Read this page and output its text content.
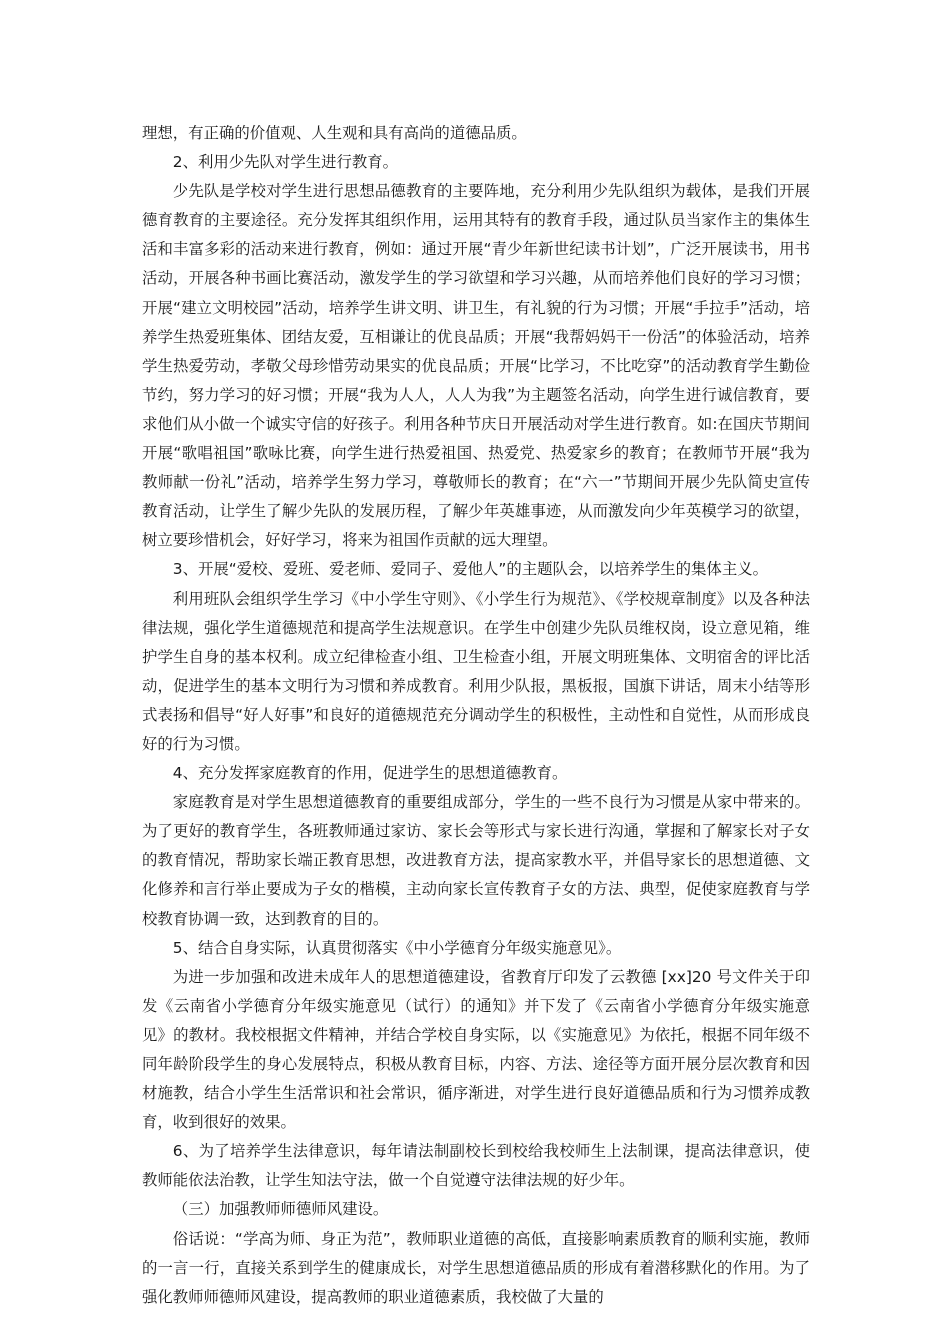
理想，有正确的价值观、人生观和具有高尚的道德品质。

2、利用少先队对学生进行教育。

少先队是学校对学生进行思想品德教育的主要阵地，充分利用少先队组织为载体，是我们开展德育教育的主要途径。充分发挥其组织作用，运用其特有的教育手段，通过队员当家作主的集体生活和丰富多彩的活动来进行教育，例如：通过开展“青少年新世纪读书计划”，广泛开展读书，用书活动，开展各种书画比赛活动，激发学生的学习欲望和学习兴趣，从而培养他们良好的学习习惯；开展“建立文明校园”活动，培养学生讲文明、讲卫生，有礼貌的行为习惯；开展“手拉手”活动，培养学生热爱班集体、团结友爱，互相谦让的优良品质；开展“我帮妈妈干一份活”的体验活动，培养学生热爱劳动，孝敬父母珍惜劳动果实的优良品质；开展“比学习，不比吃穿”的活动教育学生勤俭节约，努力学习的好习惯；开展“我为人人，人人为我”为主题签名活动，向学生进行诚信教育，要求他们从小做一个诚实守信的好孩子。利用各种节庆日开展活动对学生进行教育。如:在国庆节期间开展“歌唱祖国”歌咏比赛，向学生进行热爱祖国、热爱党、热爱家乡的教育；在教师节开展“我为教师献一份礼”活动，培养学生努力学习，尊敬师长的教育；在“六一”节期间开展少先队简史宣传教育活动，让学生了解少先队的发展历程，了解少年英雄事迹，从而激发向少年英模学习的欲望，树立要珍惜机会，好好学习，将来为祖国作贡献的远大理望。

3、开展“爱校、爱班、爱老师、爱同子、爱他人”的主题队会，以培养学生的集体主义。

利用班队会组织学生学习《中小学生守则》、《小学生行为规范》、《学校规章制度》以及各种法律法规，强化学生道德规范和提高学生法规意识。在学生中创建少先队员维权岗，设立意见箱，维护学生自身的基本权利。成立纪律检查小组、卫生检查小组，开展文明班集体、文明宿舍的评比活动，促进学生的基本文明行为习惯和养成教育。利用少队报，黑板报，国旗下讲话，周末小结等形式表扬和倡导“好人好事”和良好的道德规范充分调动学生的积极性，主动性和自觉性，从而形成良好的行为习惯。

4、充分发挥家庭教育的作用，促进学生的思想道德教育。

家庭教育是对学生思想道德教育的重要组成部分，学生的一些不良行为习惯是从家中带来的。为了更好的教育学生，各班教师通过家访、家长会等形式与家长进行沟通，掌握和了解家长对子女的教育情况，帮助家长端正教育思想，改进教育方法，提高家教水平，并倡导家长的思想道德、文化修养和言行举止要成为子女的楷模，主动向家长宣传教育子女的方法、典型，促使家庭教育与学校教育协调一致，达到教育的目的。

5、结合自身实际，认真贯彻落实《中小学德育分年级实施意见》。

为进一步加强和改进未成年人的思想道德建设，省教育厅印发了云教德 [xx]20 号文件关于印发《云南省小学德育分年级实施意见（试行）的通知》并下发了《云南省小学德育分年级实施意见》的教材。我校根据文件精神，并结合学校自身实际，以《实施意见》为依托，根据不同年级不同年龄阶段学生的身心发展特点，积极从教育目标，内容、方法、途径等方面开展分层次教育和因材施教，结合小学生生活常识和社会常识，循序渐进，对学生进行良好道德品质和行为习惯养成教育，收到很好的效果。

6、为了培养学生法律意识，每年请法制副校长到校给我校师生上法制课，提高法律意识，使教师能依法治教，让学生知法守法，做一个自觉遵守法律法规的好少年。

（三）加强教师师德师风建设。

俗话说：“学高为师、身正为范”，教师职业道德的高低，直接影响素质教育的顺利实施，教师的一言一行，直接关系到学生的健康成长，对学生思想道德品质的形成有着潜移默化的作用。为了强化教师师德师风建设，提高教师的职业道德素质，我校做了大量的
